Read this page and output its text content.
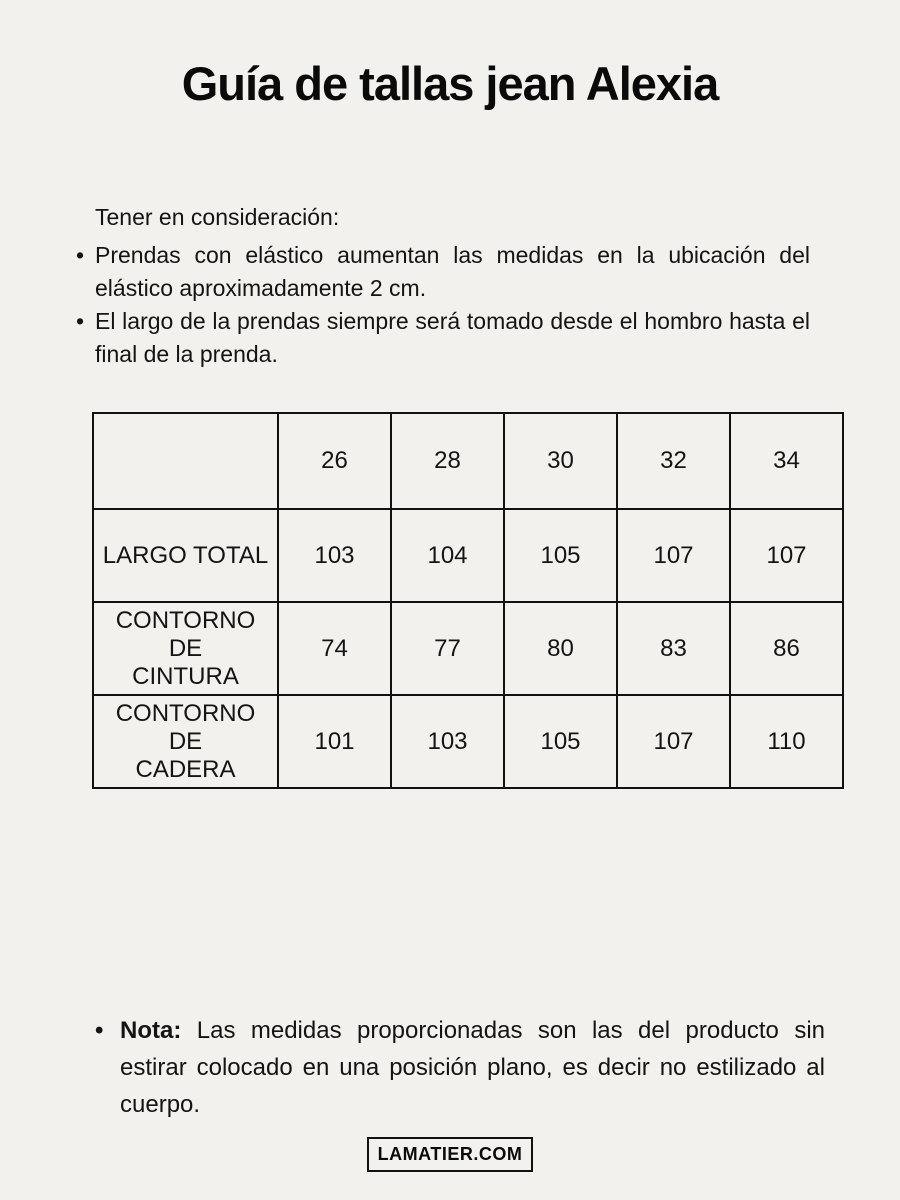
Guía de tallas jean Alexia
Tener en consideración:
• Prendas con elástico aumentan las medidas en la ubicación del elástico aproximadamente 2 cm.
• El largo de la prendas siempre será tomado desde el hombro hasta el final de la prenda.
	26	28	30	32	34
LARGO TOTAL	103	104	105	107	107
CONTORNO DE CINTURA	74	77	80	83	86
CONTORNO DE CADERA	101	103	105	107	110
• Nota: Las medidas proporcionadas son las del producto sin estirar colocado en una posición plano, es decir no estilizado al cuerpo.
LAMATIER.COM
